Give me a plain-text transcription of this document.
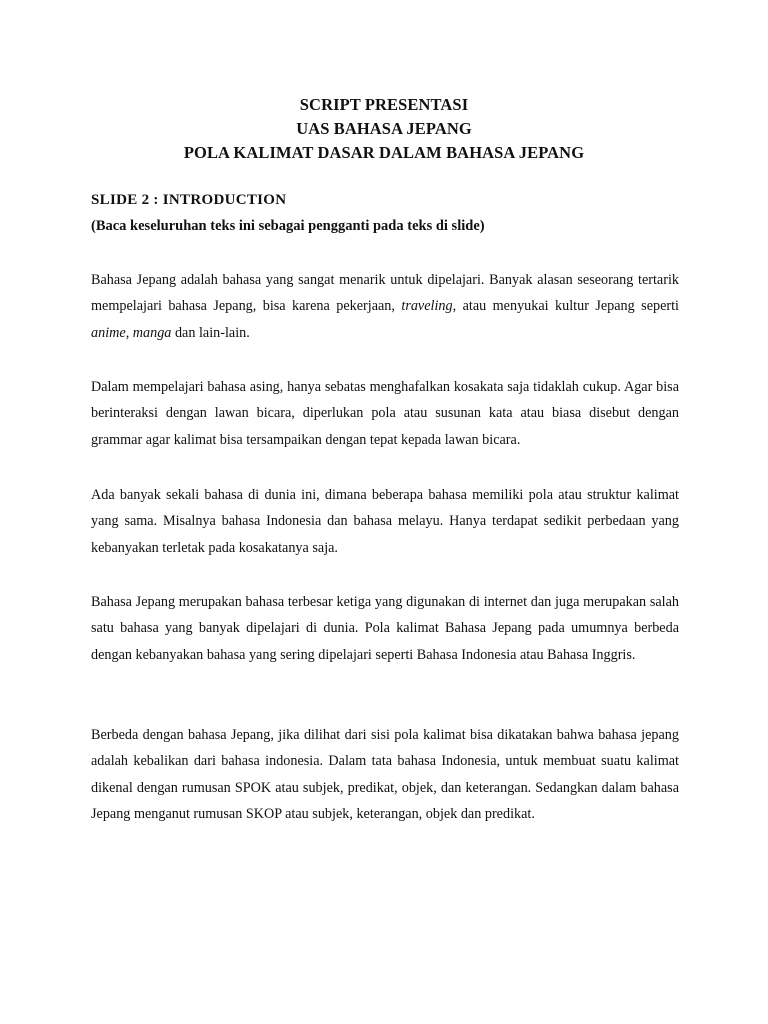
SCRIPT PRESENTASI
UAS BAHASA JEPANG
POLA KALIMAT DASAR DALAM BAHASA JEPANG
SLIDE 2 : INTRODUCTION
(Baca keseluruhan teks ini sebagai pengganti pada teks di slide)

Bahasa Jepang adalah bahasa yang sangat menarik untuk dipelajari. Banyak alasan seseorang tertarik mempelajari bahasa Jepang, bisa karena pekerjaan, traveling, atau menyukai kultur Jepang seperti anime, manga dan lain-lain.

Dalam mempelajari bahasa asing, hanya sebatas menghafalkan kosakata saja tidaklah cukup. Agar bisa berinteraksi dengan lawan bicara, diperlukan pola atau susunan kata atau biasa disebut dengan grammar agar kalimat bisa tersampaikan dengan tepat kepada lawan bicara.

Ada banyak sekali bahasa di dunia ini, dimana beberapa bahasa memiliki pola atau struktur kalimat yang sama. Misalnya bahasa Indonesia dan bahasa melayu. Hanya terdapat sedikit perbedaan yang kebanyakan terletak pada kosakatanya saja.

Bahasa Jepang merupakan bahasa terbesar ketiga yang digunakan di internet dan juga merupakan salah satu bahasa yang banyak dipelajari di dunia. Pola kalimat Bahasa Jepang pada umumnya berbeda dengan kebanyakan bahasa yang sering dipelajari seperti Bahasa Indonesia atau Bahasa Inggris.

Berbeda dengan bahasa Jepang, jika dilihat dari sisi pola kalimat bisa dikatakan bahwa bahasa jepang adalah kebalikan dari bahasa indonesia. Dalam tata bahasa Indonesia, untuk membuat suatu kalimat dikenal dengan rumusan SPOK atau subjek, predikat, objek, dan keterangan. Sedangkan dalam bahasa Jepang menganut rumusan SKOP atau subjek, keterangan, objek dan predikat.
